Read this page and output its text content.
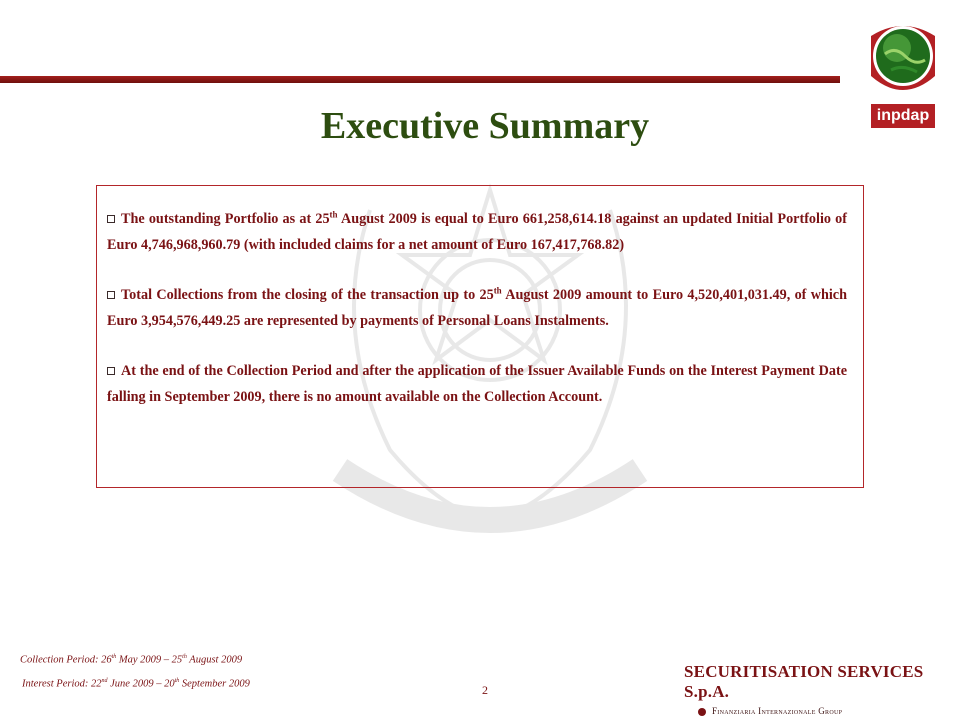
inpdap
Executive Summary

The outstanding Portfolio as at 25th August 2009 is equal to Euro 661,258,614.18 against an updated Initial Portfolio of Euro 4,746,968,960.79 (with included claims for a net amount of Euro 167,417,768.82)

Total Collections from the closing of the transaction up to 25th August 2009 amount to Euro 4,520,401,031.49, of which Euro 3,954,576,449.25 are represented by payments of Personal Loans Instalments.

At the end of the Collection Period and after the application of the Issuer Available Funds on the Interest Payment Date falling in September 2009, there is no amount available on the Collection Account.

Collection Period: 26th May 2009 – 25th August 2009
Interest Period: 22nd June 2009 – 20th September 2009	2
SECURITISATION SERVICES S.p.A.
Finanziaria Internazionale Group
